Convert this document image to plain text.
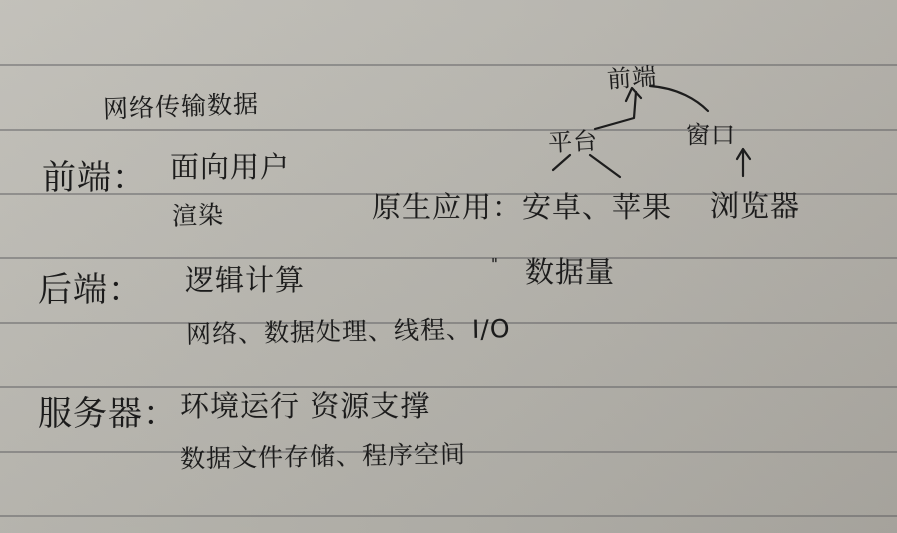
网络传输数据
前端： 面向用户
渲染
后端： 逻辑计算
网络、数据处理、线程、I/O
服务器： 环境运行 资源支撑
数据文件存储、程序空间
前端
平台	窗口
原生应用：安卓、苹果 浏览器
" 数据量
